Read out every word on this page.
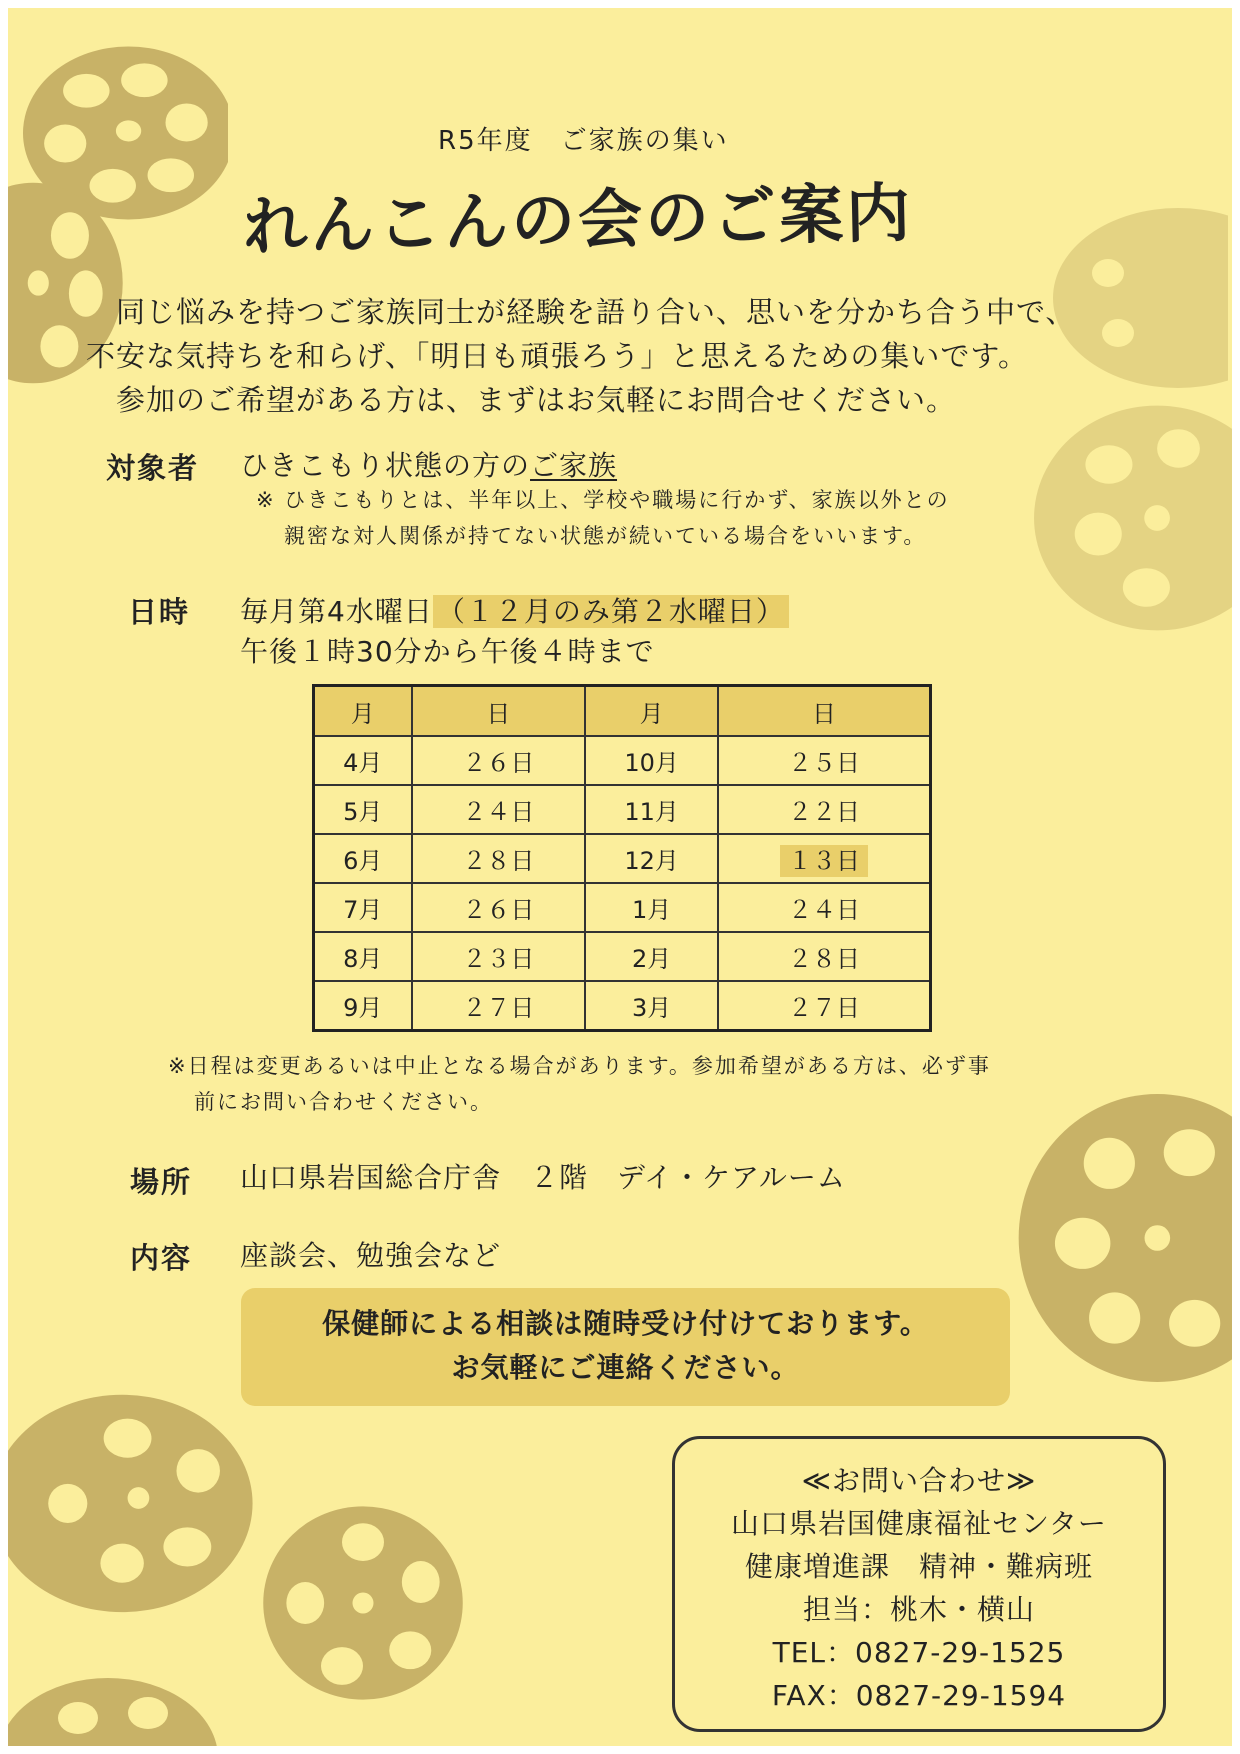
R5年度　ご家族の集い
れんこんの会のご案内
　同じ悩みを持つご家族同士が経験を語り合い、思いを分かち合う中で、
不安な気持ちを和らげ、「明日も頑張ろう」と思えるための集いです。
　参加のご希望がある方は、まずはお気軽にお問合せください。
対象者 ひきこもり状態の方のご家族
※ ひきこもりとは、半年以上、学校や職場に行かず、家族以外との
親密な対人関係が持てない状態が続いている場合をいいます。
日時 毎月第4水曜日 （１２月のみ第２水曜日）
午後１時30分から午後４時まで
月	日	月	日
4月	２６日	10月	２５日
5月	２４日	11月	２２日
6月	２８日	12月	１３日
7月	２６日	1月	２４日
8月	２３日	2月	２８日
9月	２７日	3月	２７日
※日程は変更あるいは中止となる場合があります。参加希望がある方は、必ず事
前にお問い合わせください。
場所 山口県岩国総合庁舎　２階　デイ・ケアルーム
内容 座談会、勉強会など
保健師による相談は随時受け付けております。
お気軽にご連絡ください。
≪お問い合わせ≫
山口県岩国健康福祉センター
健康増進課　精神・難病班
担当：桃木・横山
TEL：0827-29-1525
FAX：0827-29-1594
